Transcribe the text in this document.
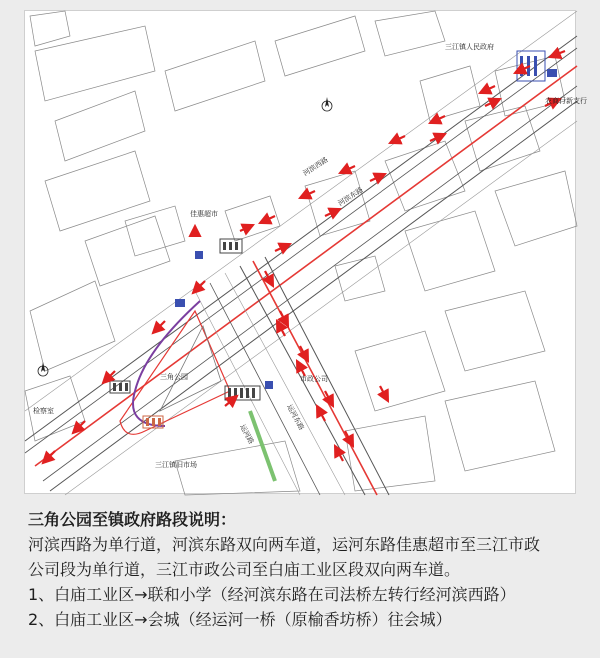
三江镇人民政府
农商行新支行
河滨西路
河滨东路
佳惠超市
三角公园	市政公司
运河东路
运河路
检察室
三江镇旧市场
三角公园至镇政府路段说明：
河滨西路为单行道，河滨东路双向两车道，运河东路佳惠超市至三江市政
公司段为单行道，三江市政公司至白庙工业区段双向两车道。
1、白庙工业区→联和小学（经河滨东路在司法桥左转行经河滨西路）
2、白庙工业区→会城（经运河一桥（原榆香坊桥）往会城）
